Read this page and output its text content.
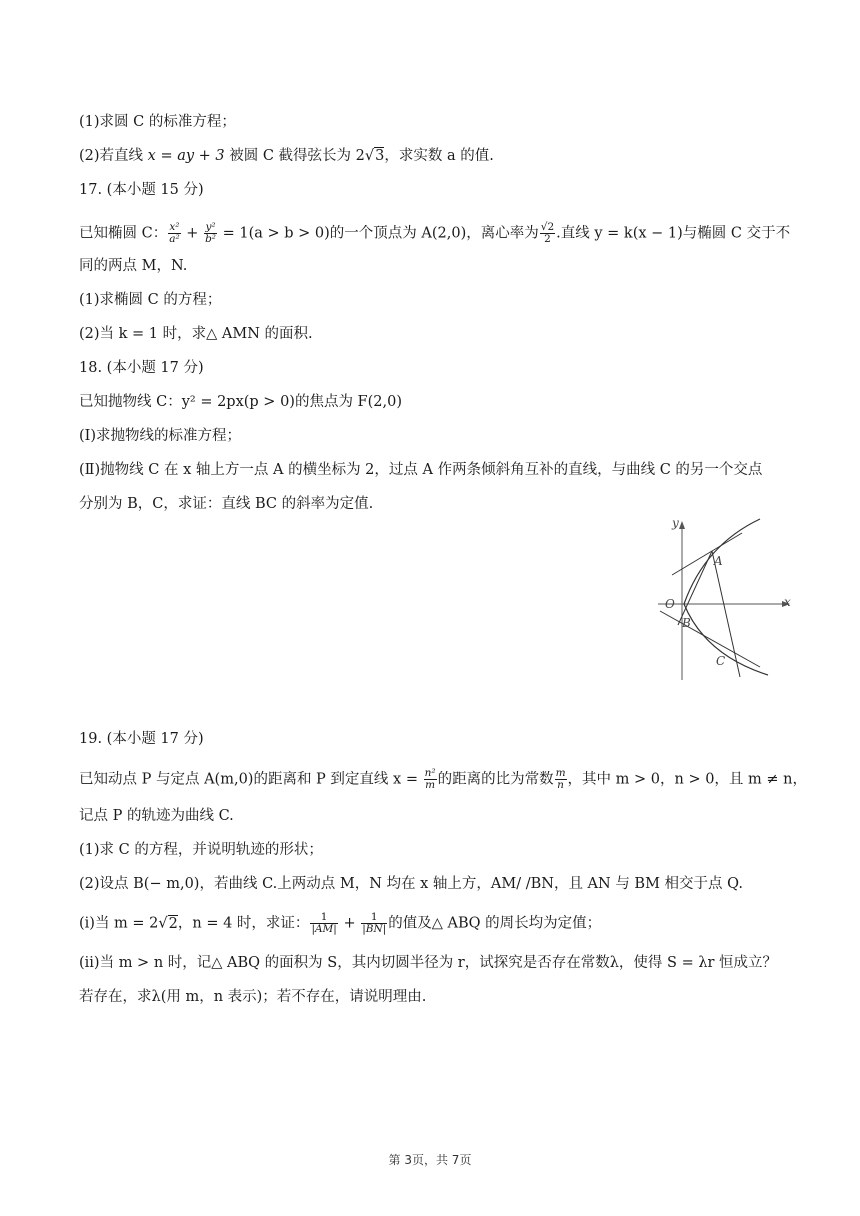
(1)求圆 C 的标准方程；
(2)若直线 x = ay + 3 被圆 C 截得弦长为 2√3，求实数 a 的值.
17. (本小题 15 分)
已知椭圆 C： $\frac{\text{x²}}{\text{a²}} + \frac{\text{y²}}{\text{b²}} = 1(a > b > 0)$的一个顶点为 A(2,0)，离心率为 $\frac{√2}{2}$ .直线 y = k(x − 1)与椭圆 C 交于不
同的两点 M，N.
(1)求椭圆 C 的方程；
(2)当 k = 1 时，求△ AMN 的面积.
18. (本小题 17 分)
已知抛物线 C：y² = 2px(p > 0)的焦点为 F(2,0)
(Ⅰ)求抛物线的标准方程；
(Ⅱ)抛物线 C 在 x 轴上方一点 A 的横坐标为 2，过点 A 作两条倾斜角互补的直线，与曲线 C 的另一个交点
分别为 B，C，求证：直线 BC 的斜率为定值.
y
x
O
A
B
C
19. (本小题 17 分)
已知动点 P 与定点 A(m,0)的距离和 P 到定直线 $x = \frac{\text{n²}}{m}$ 的距离的比为常数 $\frac{m}{n}$ ，其中 m > 0，n > 0，且 m ≠ n，
记点 P 的轨迹为曲线 C.
(1)求 C 的方程，并说明轨迹的形状；
(2)设点 B(− m,0)，若曲线 C.上两动点 M，N 均在 x 轴上方，AM/ /BN，且 AN 与 BM 相交于点 Q.
(i)当 m = 2√2，n = 4 时，求证： $\frac{1}{|AM|} + \frac{1}{|BN|}$ 的值及△ ABQ 的周长均为定值；
(ii)当 m > n 时，记△ ABQ 的面积为 S，其内切圆半径为 r，试探究是否存在常数λ，使得 S = λr 恒成立？
若存在，求λ(用 m，n 表示)；若不存在，请说明理由.
第 3页，共 7页
